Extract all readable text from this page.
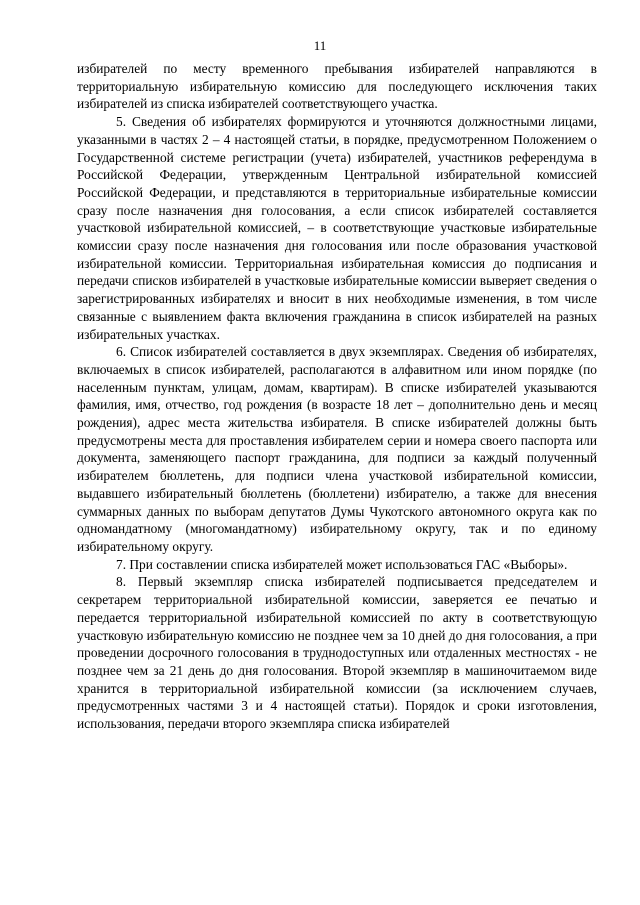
11

избирателей по месту временного пребывания избирателей направляются в территориальную избирательную комиссию для последующего исключения таких избирателей из списка избирателей соответствующего участка.

5. Сведения об избирателях формируются и уточняются должностными лицами, указанными в частях 2 – 4 настоящей статьи, в порядке, предусмотренном Положением о Государственной системе регистрации (учета) избирателей, участников референдума в Российской Федерации, утвержденным Центральной избирательной комиссией Российской Федерации, и представляются в территориальные избирательные комиссии сразу после назначения дня голосования, а если список избирателей составляется участковой избирательной комиссией, – в соответствующие участковые избирательные комиссии сразу после назначения дня голосования или после образования участковой избирательной комиссии. Территориальная избирательная комиссия до подписания и передачи списков избирателей в участковые избирательные комиссии выверяет сведения о зарегистрированных избирателях и вносит в них необходимые изменения, в том числе связанные с выявлением факта включения гражданина в список избирателей на разных избирательных участках.

6. Список избирателей составляется в двух экземплярах. Сведения об избирателях, включаемых в список избирателей, располагаются в алфавитном или ином порядке (по населенным пунктам, улицам, домам, квартирам). В списке избирателей указываются фамилия, имя, отчество, год рождения (в возрасте 18 лет – дополнительно день и месяц рождения), адрес места жительства избирателя. В списке избирателей должны быть предусмотрены места для проставления избирателем серии и номера своего паспорта или документа, заменяющего паспорт гражданина, для подписи за каждый полученный избирателем бюллетень, для подписи члена участковой избирательной комиссии, выдавшего избирательный бюллетень (бюллетени) избирателю, а также для внесения суммарных данных по выборам депутатов Думы Чукотского автономного округа как по одномандатному (многомандатному) избирательному округу, так и по единому избирательному округу.

7. При составлении списка избирателей может использоваться ГАС «Выборы».

8. Первый экземпляр списка избирателей подписывается председателем и секретарем территориальной избирательной комиссии, заверяется ее печатью и передается территориальной избирательной комиссией по акту в соответствующую участковую избирательную комиссию не позднее чем за 10 дней до дня голосования, а при проведении досрочного голосования в труднодоступных или отдаленных местностях - не позднее чем за 21 день до дня голосования. Второй экземпляр в машиночитаемом виде хранится в территориальной избирательной комиссии (за исключением случаев, предусмотренных частями 3 и 4 настоящей статьи). Порядок и сроки изготовления, использования, передачи второго экземпляра списка избирателей
